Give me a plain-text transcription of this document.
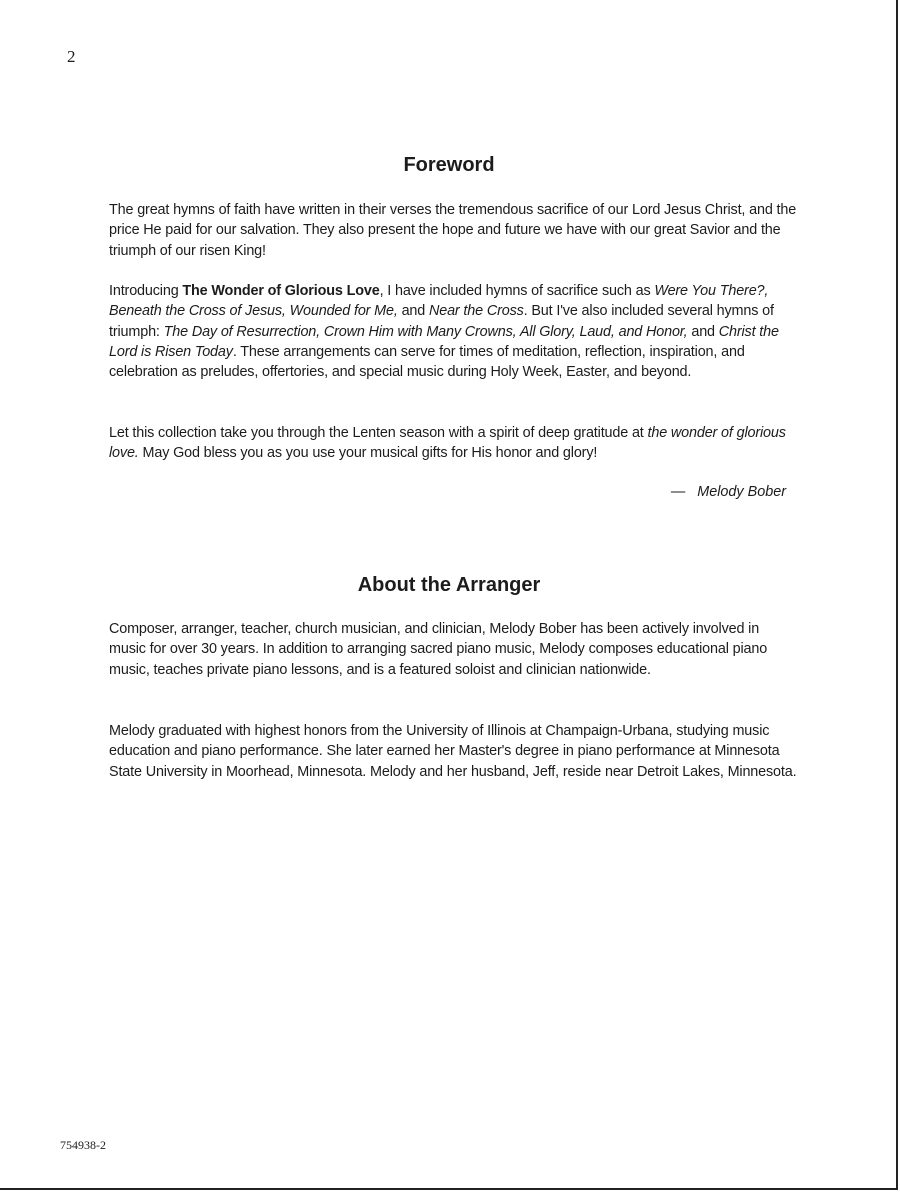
2
Foreword

The great hymns of faith have written in their verses the tremendous sacrifice of our Lord Jesus Christ, and the price He paid for our salvation. They also present the hope and future we have with our great Savior and the triumph of our risen King!

Introducing The Wonder of Glorious Love, I have included hymns of sacrifice such as Were You There?, Beneath the Cross of Jesus, Wounded for Me, and Near the Cross. But I've also included several hymns of triumph: The Day of Resurrection, Crown Him with Many Crowns, All Glory, Laud, and Honor, and Christ the Lord is Risen Today. These arrangements can serve for times of meditation, reflection, inspiration, and celebration as preludes, offertories, and special music during Holy Week, Easter, and beyond.

Let this collection take you through the Lenten season with a spirit of deep gratitude at the wonder of glorious love. May God bless you as you use your musical gifts for His honor and glory!

— Melody Bober

About the Arranger

Composer, arranger, teacher, church musician, and clinician, Melody Bober has been actively involved in music for over 30 years. In addition to arranging sacred piano music, Melody composes educational piano music, teaches private piano lessons, and is a featured soloist and clinician nationwide.

Melody graduated with highest honors from the University of Illinois at Champaign-Urbana, studying music education and piano performance. She later earned her Master's degree in piano performance at Minnesota State University in Moorhead, Minnesota. Melody and her husband, Jeff, reside near Detroit Lakes, Minnesota.

754938-2
